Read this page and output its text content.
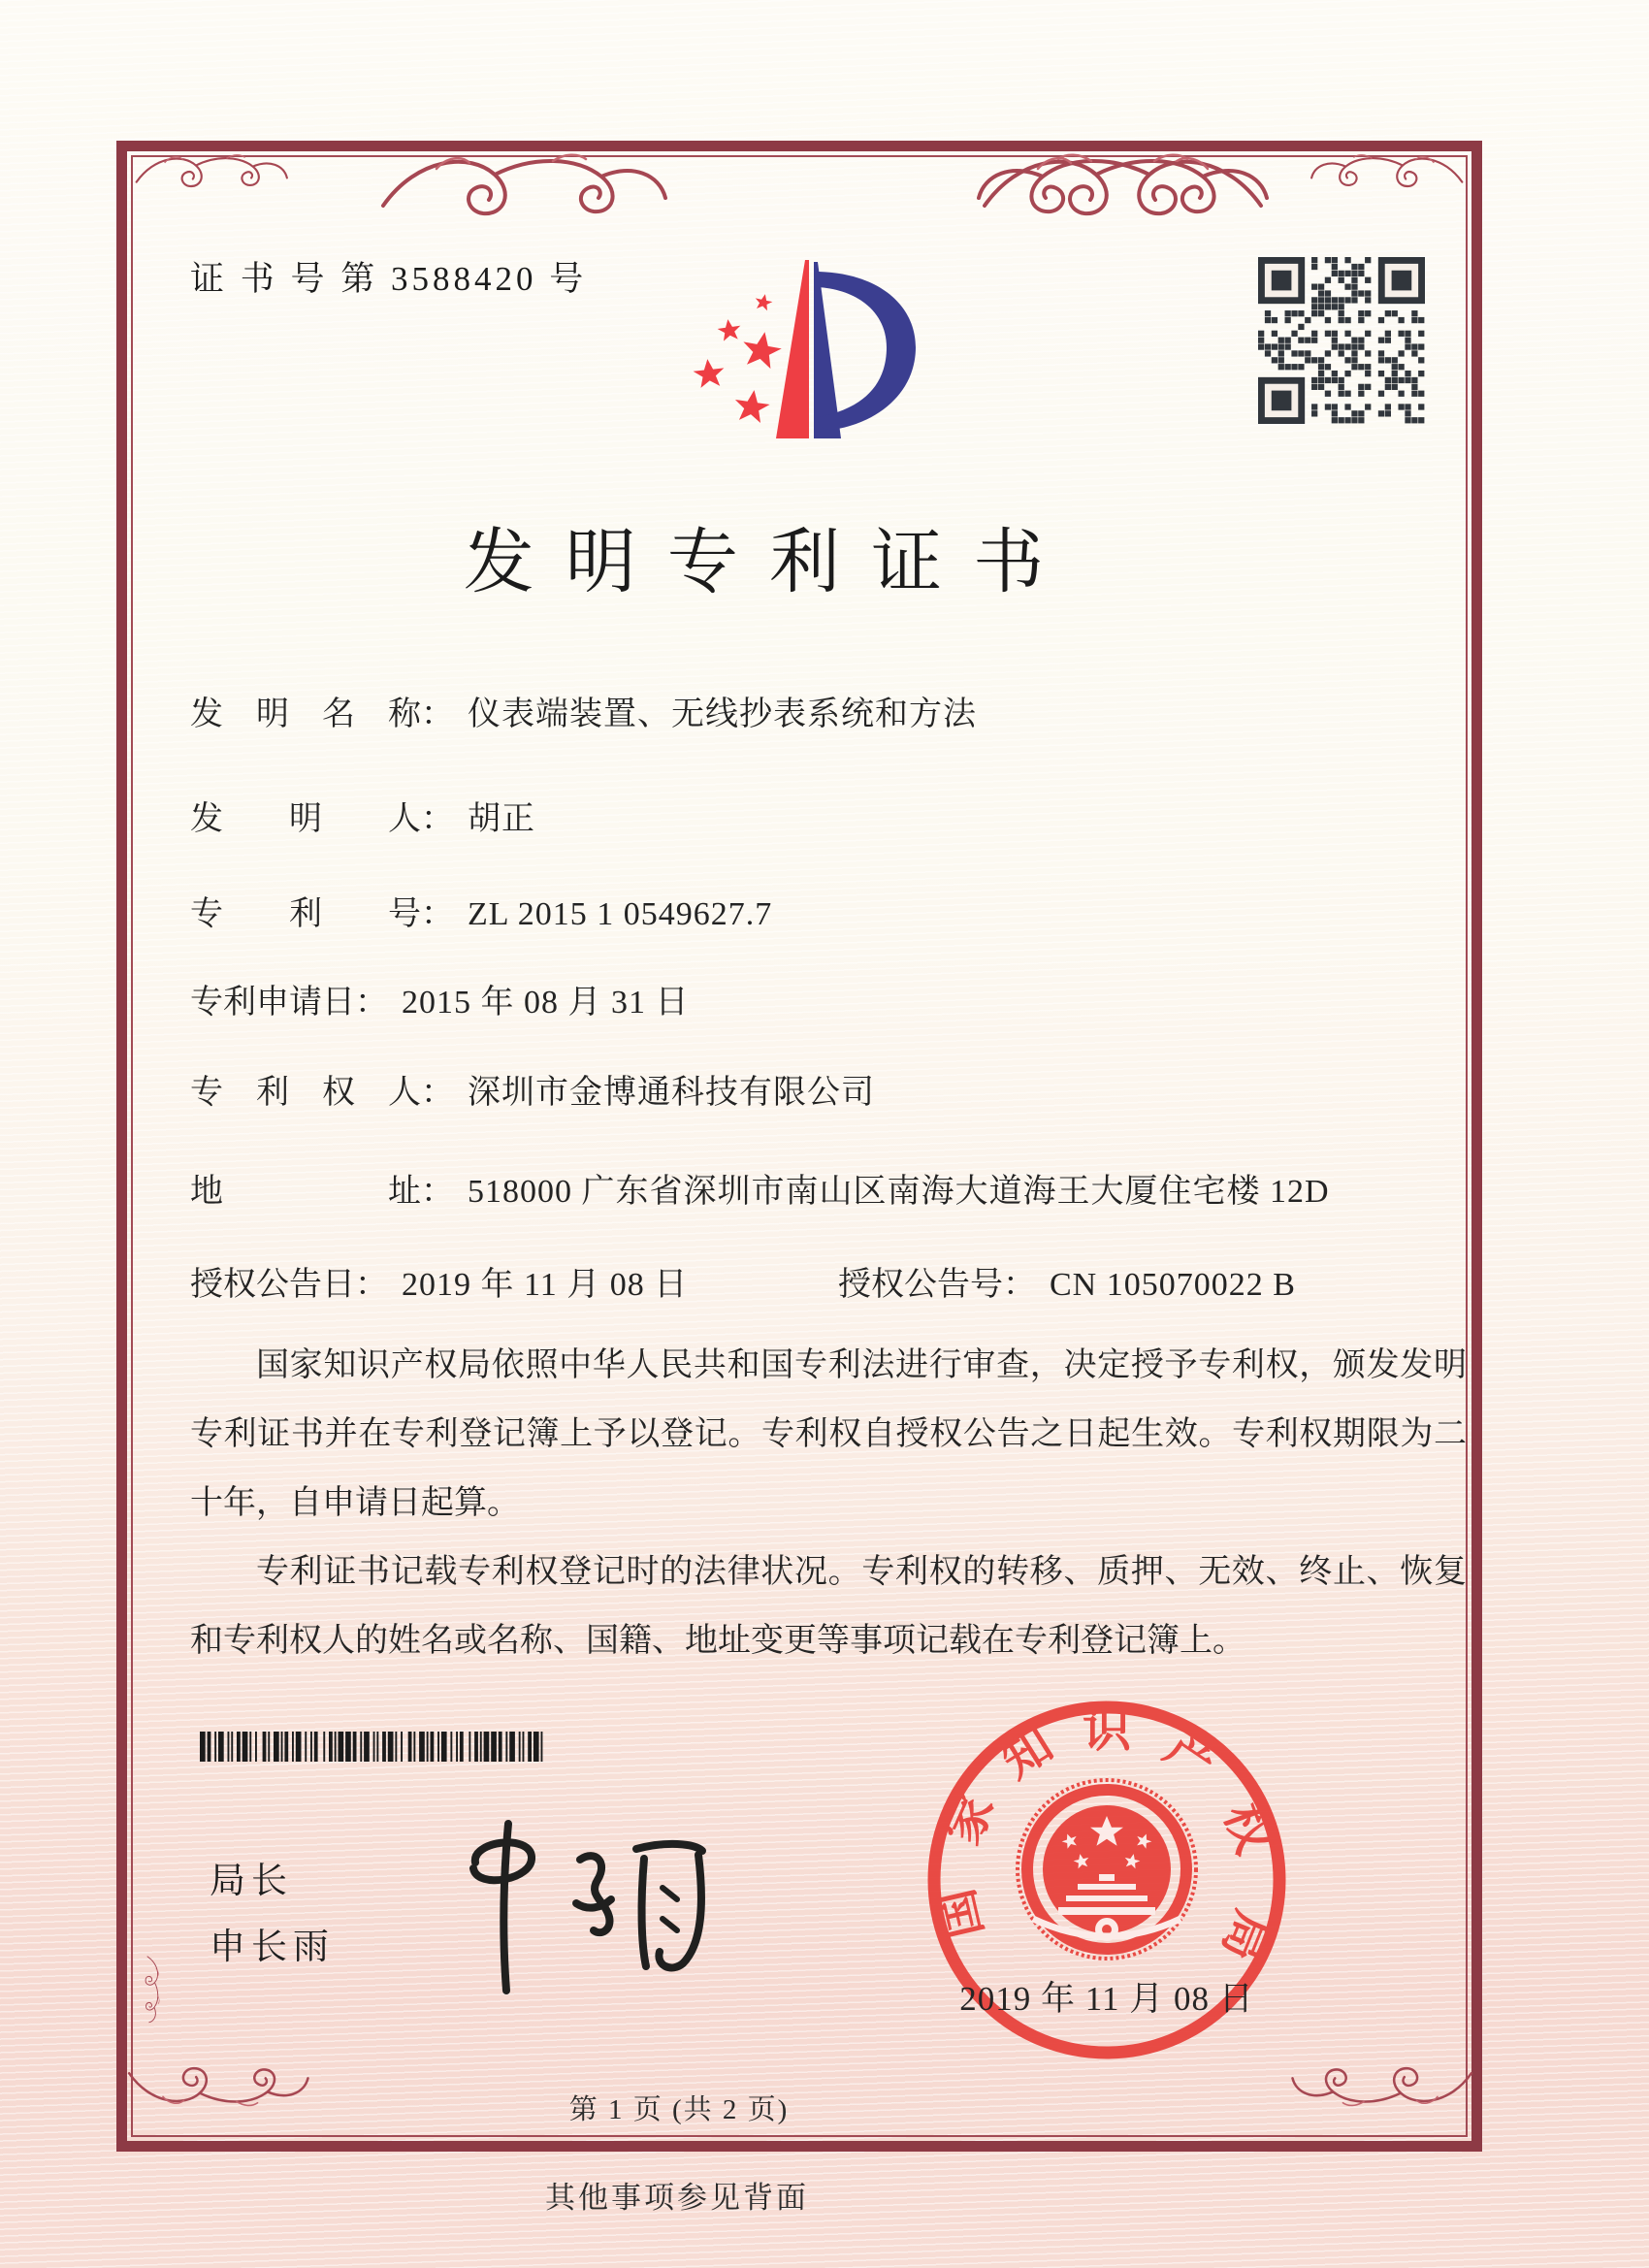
证 书 号 第 3588420 号
发明专利证书
发　明　名　称： 仪表端装置、无线抄表系统和方法
发　　明　　人： 胡正
专　　利　　号： ZL 2015 1 0549627.7
专利申请日： 2015 年 08 月 31 日
专　利　权　人： 深圳市金博通科技有限公司
地　　　　　址： 518000 广东省深圳市南山区南海大道海王大厦住宅楼 12D
授权公告日： 2019 年 11 月 08 日	授权公告号： CN 105070022 B

国家知识产权局依照中华人民共和国专利法进行审查，决定授予专利权，颁发发明专利证书并在专利登记簿上予以登记。专利权自授权公告之日起生效。专利权期限为二十年，自申请日起算。

专利证书记载专利权登记时的法律状况。专利权的转移、质押、无效、终止、恢复和专利权人的姓名或名称、国籍、地址变更等事项记载在专利登记簿上。

局长
申长雨
国
家
知 识 产
权
局
2019 年 11 月 08 日
第 1 页 (共 2 页)
其他事项参见背面
